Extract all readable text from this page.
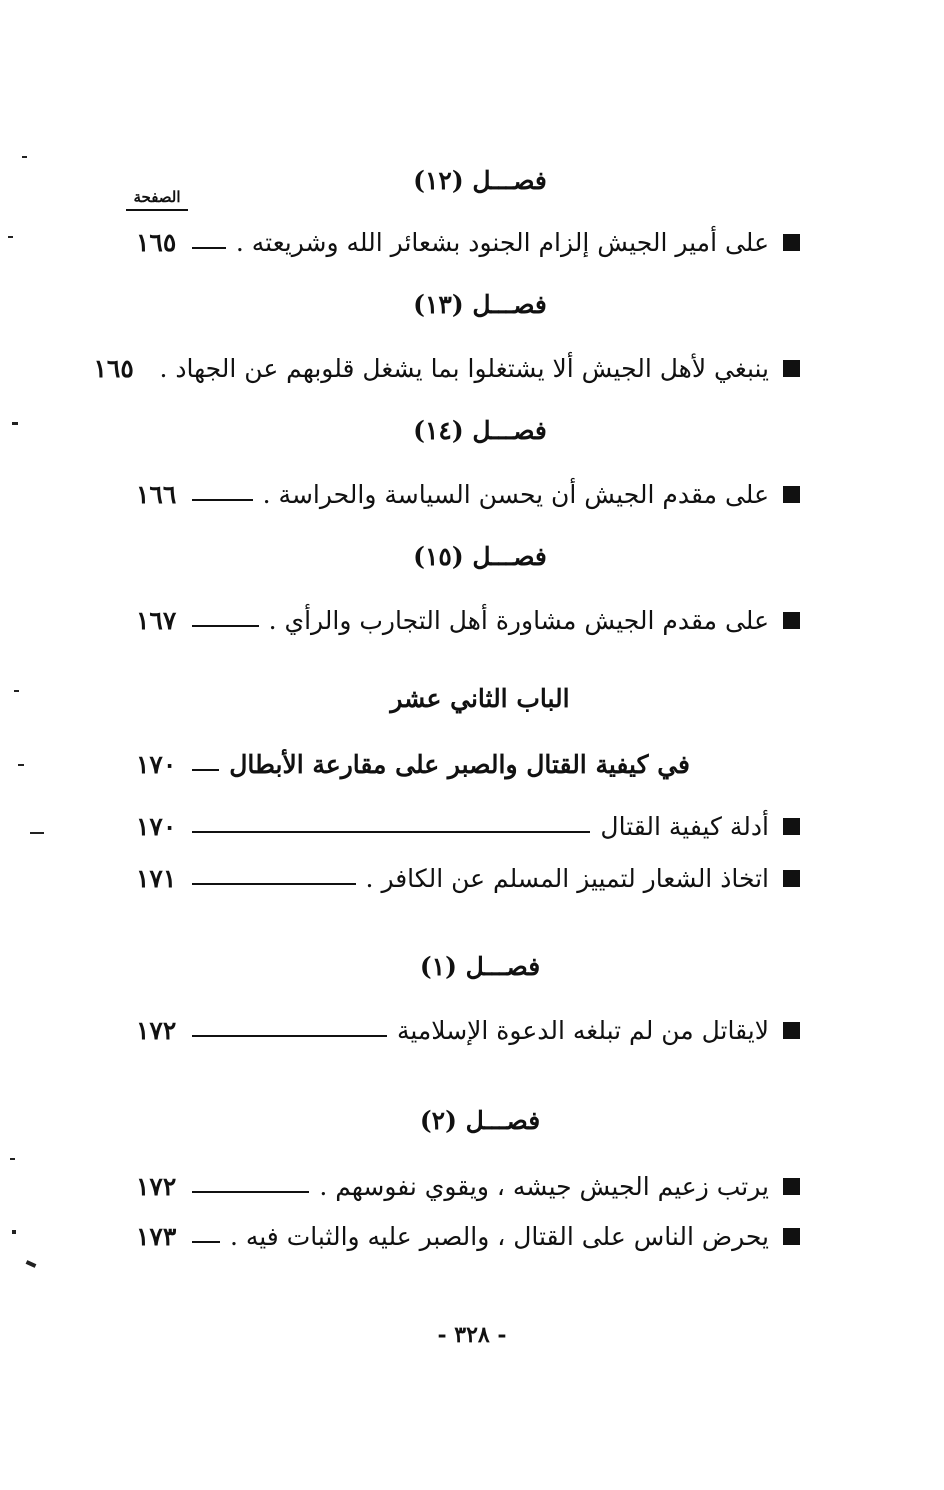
الصفحة
فصـــل (١٢)
على أمير الجيش إلزام الجنود بشعائر الله وشريعته .
١٦٥
فصـــل (١٣)
ينبغي لأهل الجيش ألا يشتغلوا بما يشغل قلوبهم عن الجهاد .
١٦٥
فصـــل (١٤)
على مقدم الجيش أن يحسن السياسة والحراسة .
١٦٦
فصـــل (١٥)
على مقدم الجيش مشاورة أهل التجارب والرأي .
١٦٧
الباب الثاني عشر
في كيفية القتال والصبر على مقارعة الأبطال
١٧٠
أدلة كيفية القتال
١٧٠
اتخاذ الشعار لتمييز المسلم عن الكافر .
١٧١
فصـــل (١)
لايقاتل من لم تبلغه الدعوة الإسلامية
١٧٢
فصـــل (٢)
يرتب زعيم الجيش جيشه ، ويقوي نفوسهم .
١٧٢
يحرض الناس على القتال ، والصبر عليه والثبات فيه .
١٧٣
- ٣٢٨ -
